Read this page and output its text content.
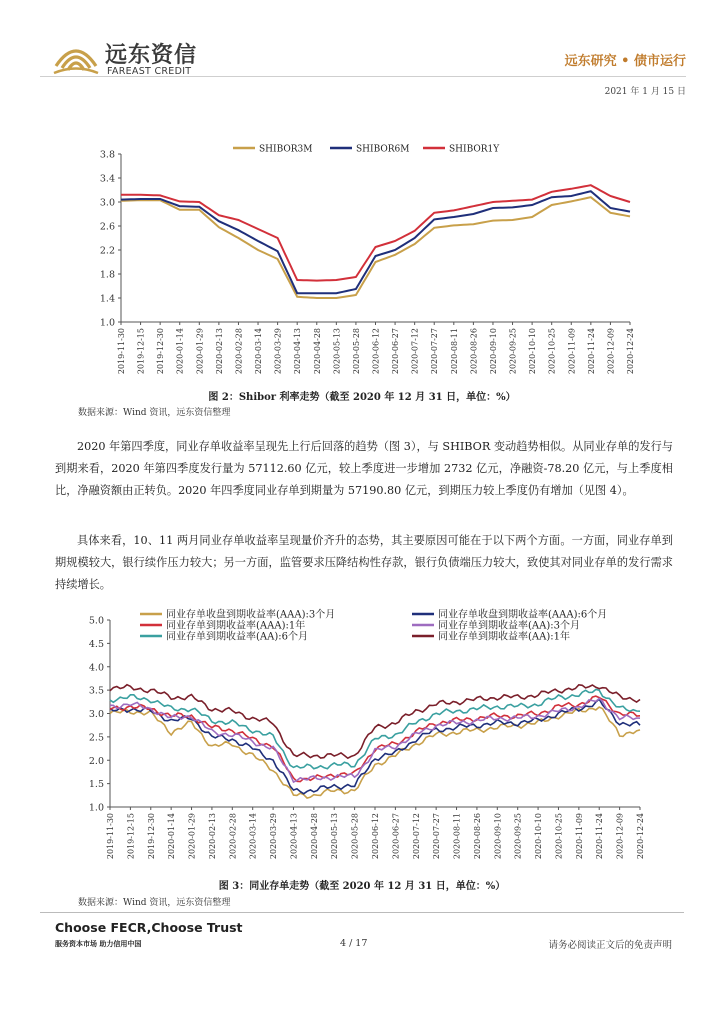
远东资信
FAREAST CREDIT
远东研究 • 债市运行
2021 年 1 月 15 日
3.8
3.4
3.0
2.6
2.2
1.8
1.4
1.0
2019-11-30 2019-12-15 2019-12-30 2020-01-14 2020-01-29 2020-02-13 2020-02-28 2020-03-14 2020-03-29 2020-04-13 2020-04-28 2020-05-13 2020-05-28 2020-06-12 2020-06-27 2020-07-12 2020-07-27 2020-08-11 2020-08-26 2020-09-10 2020-09-25 2020-10-10 2020-10-25 2020-11-09 2020-11-24 2020-12-09 2020-12-24
SHIBOR3M	SHIBOR6M	SHIBOR1Y
图 2：Shibor 利率走势（截至 2020 年 12 月 31 日，单位：%）
数据来源：Wind 资讯，远东资信整理
2020 年第四季度，同业存单收益率呈现先上行后回落的趋势（图 3），与 SHIBOR 变动趋势相似。从同业存单的发行与到期来看，2020 年第四季度发行量为 57112.60 亿元，较上季度进一步增加 2732 亿元，净融资-78.20 亿元，与上季度相比，净融资额由正转负。2020 年四季度同业存单到期量为 57190.80 亿元，到期压力较上季度仍有增加（见图 4）。
具体来看，10、11 两月同业存单收益率呈现量价齐升的态势，其主要原因可能在于以下两个方面。一方面，同业存单到期规模较大，银行续作压力较大；另一方面，监管要求压降结构性存款，银行负债端压力较大，致使其对同业存单的发行需求持续增长。
5.0
4.5
4.0
3.5
3.0
2.5
2.0
1.5
1.0
2019-11-30 2019-12-15 2019-12-30 2020-01-14 2020-01-29 2020-02-13 2020-02-28 2020-03-14 2020-03-29 2020-04-13 2020-04-28 2020-05-13 2020-05-28 2020-06-12 2020-06-27 2020-07-12 2020-07-27 2020-08-11 2020-08-26 2020-09-10 2020-09-25 2020-10-10 2020-10-25 2020-11-09 2020-11-24 2020-12-09 2020-12-24
同业存单收盘到期收益率(AAA):3个月	同业存单收盘到期收益率(AAA):6个月
同业存单到期收益率(AAA):1年	同业存单到期收益率(AA):3个月
同业存单到期收益率(AA):6个月	同业存单到期收益率(AA):1年
图 3：同业存单走势（截至 2020 年 12 月 31 日，单位：%）
数据来源：Wind 资讯，远东资信整理
Choose FECR,Choose Trust
服务资本市场 助力信用中国	4 / 17	请务必阅读正文后的免责声明
